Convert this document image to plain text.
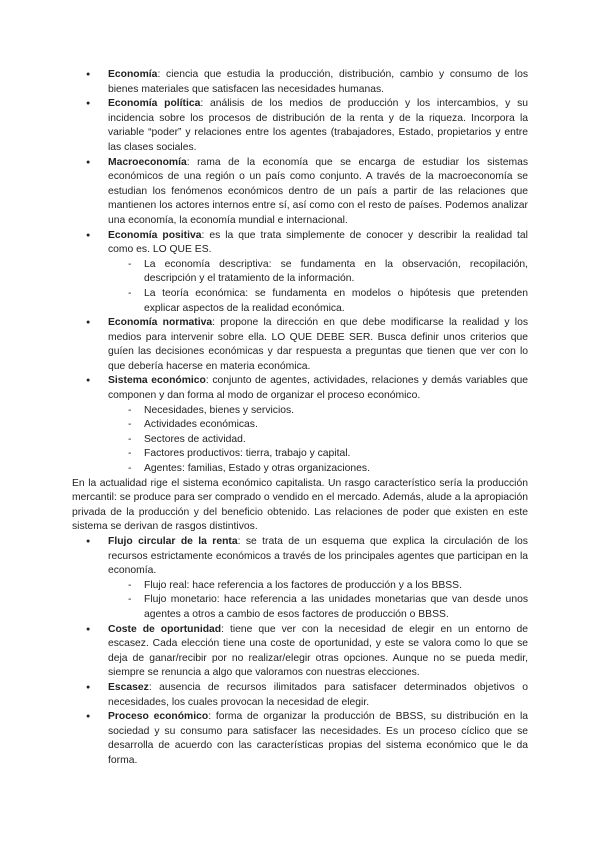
● Economía: ciencia que estudia la producción, distribución, cambio y consumo de los bienes materiales que satisfacen las necesidades humanas.
● Economía política: análisis de los medios de producción y los intercambios, y su incidencia sobre los procesos de distribución de la renta y de la riqueza. Incorpora la variable “poder” y relaciones entre los agentes (trabajadores, Estado, propietarios y entre las clases sociales.
● Macroeconomía: rama de la economía que se encarga de estudiar los sistemas económicos de una región o un país como conjunto. A través de la macroeconomía se estudian los fenómenos económicos dentro de un país a partir de las relaciones que mantienen los actores internos entre sí, así como con el resto de países. Podemos analizar una economía, la economía mundial e internacional.
● Economía positiva: es la que trata simplemente de conocer y describir la realidad tal como es. LO QUE ES.
- La economía descriptiva: se fundamenta en la observación, recopilación, descripción y el tratamiento de la información.
- La teoría económica: se fundamenta en modelos o hipótesis que pretenden explicar aspectos de la realidad económica.
● Economía normativa: propone la dirección en que debe modificarse la realidad y los medios para intervenir sobre ella. LO QUE DEBE SER. Busca definir unos criterios que guíen las decisiones económicas y dar respuesta a preguntas que tienen que ver con lo que debería hacerse en materia económica.
● Sistema económico: conjunto de agentes, actividades, relaciones y demás variables que componen y dan forma al modo de organizar el proceso económico.
- Necesidades, bienes y servicios.
- Actividades económicas.
- Sectores de actividad.
- Factores productivos: tierra, trabajo y capital.
- Agentes: familias, Estado y otras organizaciones.

En la actualidad rige el sistema económico capitalista. Un rasgo característico sería la producción mercantil: se produce para ser comprado o vendido en el mercado. Además, alude a la apropiación privada de la producción y del beneficio obtenido. Las relaciones de poder que existen en este sistema se derivan de rasgos distintivos.

● Flujo circular de la renta: se trata de un esquema que explica la circulación de los recursos estrictamente económicos a través de los principales agentes que participan en la economía.
- Flujo real: hace referencia a los factores de producción y a los BBSS.
- Flujo monetario: hace referencia a las unidades monetarias que van desde unos agentes a otros a cambio de esos factores de producción o BBSS.
● Coste de oportunidad: tiene que ver con la necesidad de elegir en un entorno de escasez. Cada elección tiene una coste de oportunidad, y este se valora como lo que se deja de ganar/recibir por no realizar/elegir otras opciones. Aunque no se pueda medir, siempre se renuncia a algo que valoramos con nuestras elecciones.
● Escasez: ausencia de recursos ilimitados para satisfacer determinados objetivos o necesidades, los cuales provocan la necesidad de elegir.
● Proceso económico: forma de organizar la producción de BBSS, su distribución en la sociedad y su consumo para satisfacer las necesidades. Es un proceso cíclico que se desarrolla de acuerdo con las características propias del sistema económico que le da forma.
